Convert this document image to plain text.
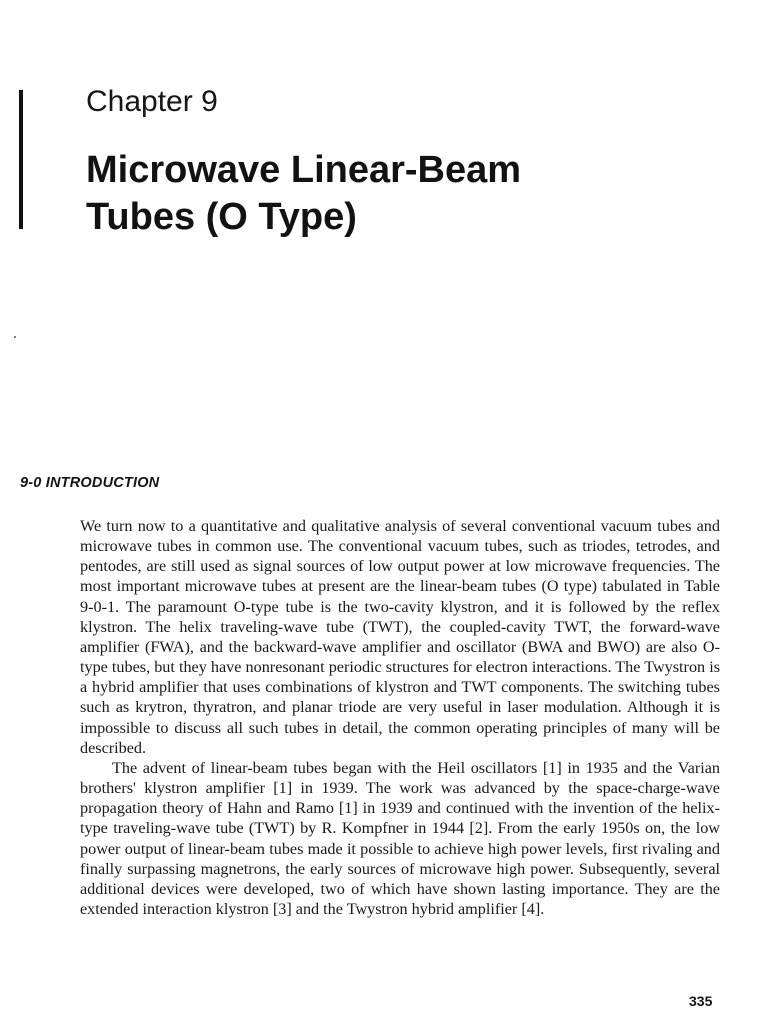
Chapter 9
Microwave Linear-Beam
Tubes (O Type)
9-0 INTRODUCTION

We turn now to a quantitative and qualitative analysis of several conventional vacuum tubes and microwave tubes in common use. The conventional vacuum tubes, such as triodes, tetrodes, and pentodes, are still used as signal sources of low output power at low microwave frequencies. The most important microwave tubes at present are the linear-beam tubes (O type) tabulated in Table 9-0-1. The paramount O-type tube is the two-cavity klystron, and it is followed by the reflex klystron. The helix traveling-wave tube (TWT), the coupled-cavity TWT, the forward-wave amplifier (FWA), and the backward-wave amplifier and oscillator (BWA and BWO) are also O-type tubes, but they have nonresonant periodic structures for electron interactions. The Twystron is a hybrid amplifier that uses combinations of klystron and TWT components. The switching tubes such as krytron, thyratron, and planar triode are very useful in laser modulation. Although it is impossible to discuss all such tubes in detail, the common operating principles of many will be described.

The advent of linear-beam tubes began with the Heil oscillators [1] in 1935 and the Varian brothers' klystron amplifier [1] in 1939. The work was advanced by the space-charge-wave propagation theory of Hahn and Ramo [1] in 1939 and continued with the invention of the helix-type traveling-wave tube (TWT) by R. Kompfner in 1944 [2]. From the early 1950s on, the low power output of linear-beam tubes made it possible to achieve high power levels, first rivaling and finally surpassing magnetrons, the early sources of microwave high power. Subsequently, several additional devices were developed, two of which have shown lasting importance. They are the extended interaction klystron [3] and the Twystron hybrid amplifier [4].

335
